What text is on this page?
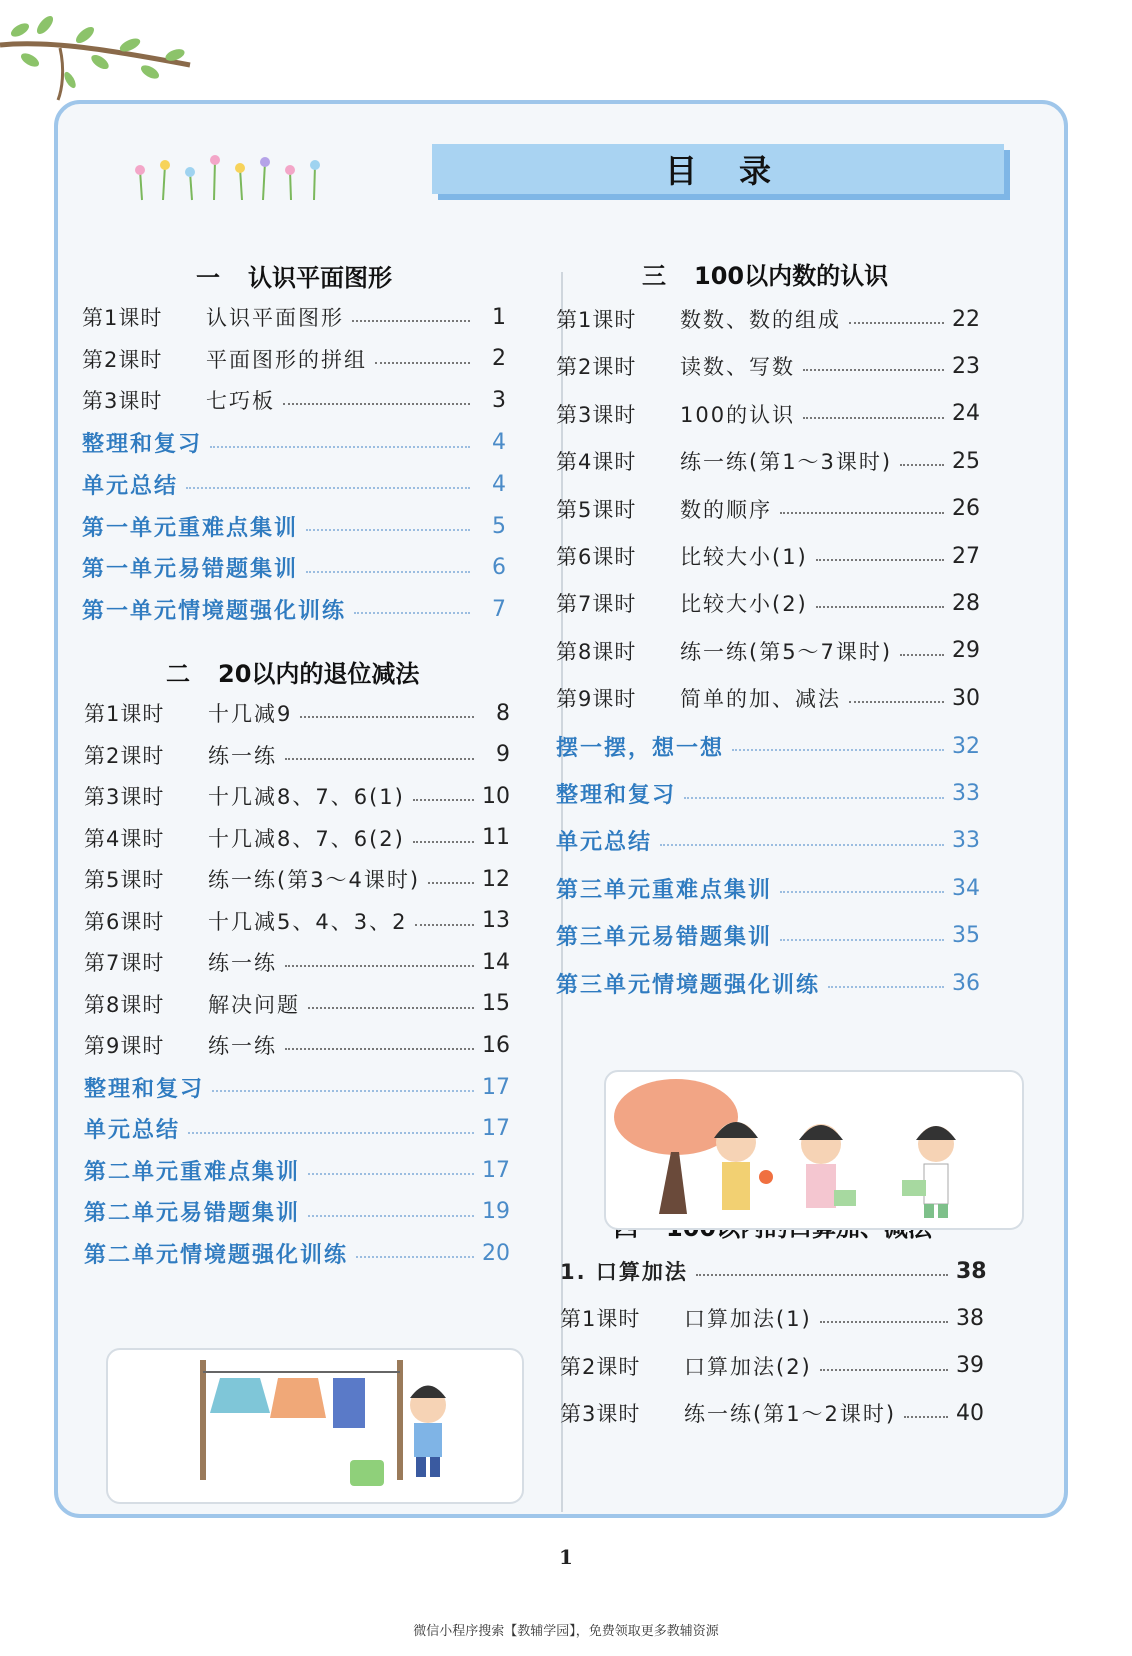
目录
一 认识平面图形
第1课时	认识平面图形	1
第2课时	平面图形的拼组	2
第3课时	七巧板	3
整理和复习	4
单元总结	4
第一单元重难点集训	5
第一单元易错题集训	6
第一单元情境题强化训练	7
二 20以内的退位减法
第1课时	十几减9	8
第2课时	练一练	9
第3课时	十几减8、7、6(1)	10
第4课时	十几减8、7、6(2)	11
第5课时	练一练(第3～4课时)	12
第6课时	十几减5、4、3、2	13
第7课时	练一练	14
第8课时	解决问题	15
第9课时	练一练	16
整理和复习	17
单元总结	17
第二单元重难点集训	17
第二单元易错题集训	19
第二单元情境题强化训练	20
三 100以内数的认识
第1课时	数数、数的组成	22
第2课时	读数、写数	23
第3课时	100的认识	24
第4课时	练一练(第1～3课时)	25
第5课时	数的顺序	26
第6课时	比较大小(1)	27
第7课时	比较大小(2)	28
第8课时	练一练(第5～7课时)	29
第9课时	简单的加、减法	30
摆一摆，想一想	32
整理和复习	33
单元总结	33
第三单元重难点集训	34
第三单元易错题集训	35
第三单元情境题强化训练	36
1. 口算加法	38
第1课时	口算加法(1)	38
第2课时	口算加法(2)	39
第3课时	练一练(第1～2课时)	40
1
微信小程序搜索【教辅学园】，免费领取更多教辅资源
